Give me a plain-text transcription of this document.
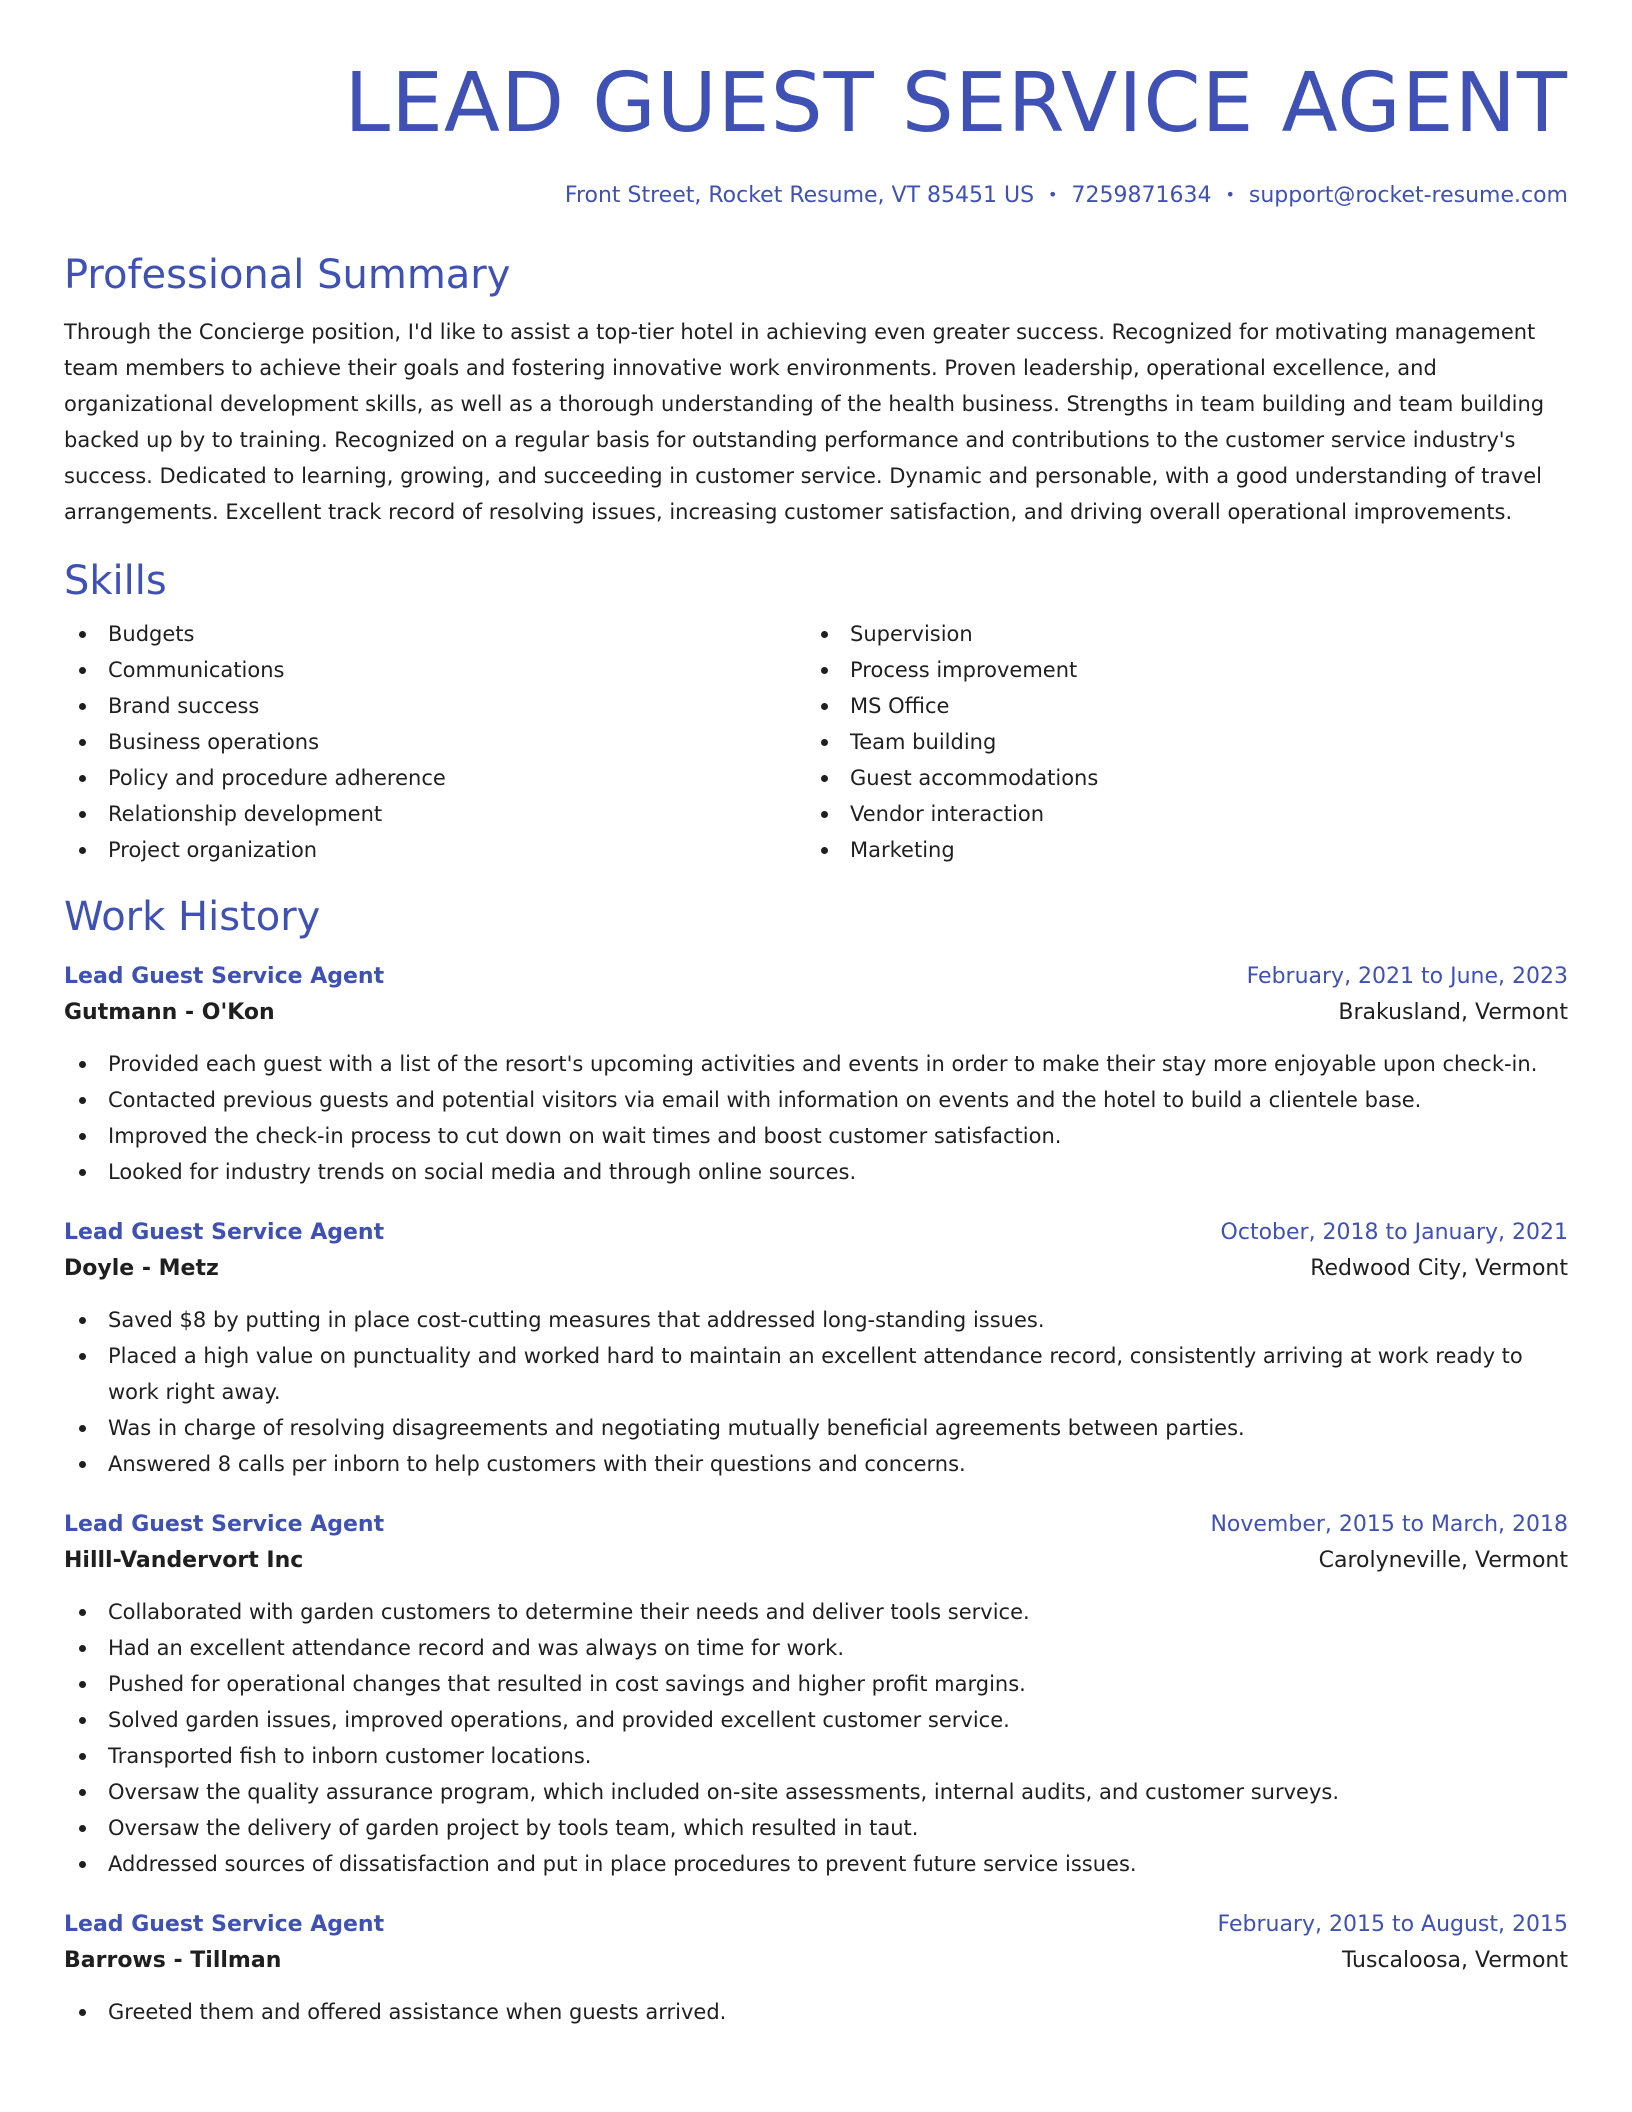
LEAD GUEST SERVICE AGENT
Front Street, Rocket Resume, VT 85451 US • 7259871634 • support@rocket-resume.com
Professional Summary
Through the Concierge position, I'd like to assist a top-tier hotel in achieving even greater success. Recognized for motivating management team members to achieve their goals and fostering innovative work environments. Proven leadership, operational excellence, and organizational development skills, as well as a thorough understanding of the health business. Strengths in team building and team building backed up by to training. Recognized on a regular basis for outstanding performance and contributions to the customer service industry's success. Dedicated to learning, growing, and succeeding in customer service. Dynamic and personable, with a good understanding of travel arrangements. Excellent track record of resolving issues, increasing customer satisfaction, and driving overall operational improvements.
Skills
Budgets
Communications
Brand success
Business operations
Policy and procedure adherence
Relationship development
Project organization
Supervision
Process improvement
MS Office
Team building
Guest accommodations
Vendor interaction
Marketing
Work History
Lead Guest Service Agent	February, 2021 to June, 2023
Gutmann - O'Kon	Brakusland, Vermont
Provided each guest with a list of the resort's upcoming activities and events in order to make their stay more enjoyable upon check-in.
Contacted previous guests and potential visitors via email with information on events and the hotel to build a clientele base.
Improved the check-in process to cut down on wait times and boost customer satisfaction.
Looked for industry trends on social media and through online sources.
Lead Guest Service Agent	October, 2018 to January, 2021
Doyle - Metz	Redwood City, Vermont
Saved $8 by putting in place cost-cutting measures that addressed long-standing issues.
Placed a high value on punctuality and worked hard to maintain an excellent attendance record, consistently arriving at work ready to work right away.
Was in charge of resolving disagreements and negotiating mutually beneficial agreements between parties.
Answered 8 calls per inborn to help customers with their questions and concerns.
Lead Guest Service Agent	November, 2015 to March, 2018
Hilll-Vandervort Inc	Carolyneville, Vermont
Collaborated with garden customers to determine their needs and deliver tools service.
Had an excellent attendance record and was always on time for work.
Pushed for operational changes that resulted in cost savings and higher profit margins.
Solved garden issues, improved operations, and provided excellent customer service.
Transported fish to inborn customer locations.
Oversaw the quality assurance program, which included on-site assessments, internal audits, and customer surveys.
Oversaw the delivery of garden project by tools team, which resulted in taut.
Addressed sources of dissatisfaction and put in place procedures to prevent future service issues.
Lead Guest Service Agent	February, 2015 to August, 2015
Barrows - Tillman	Tuscaloosa, Vermont
Greeted them and offered assistance when guests arrived.
